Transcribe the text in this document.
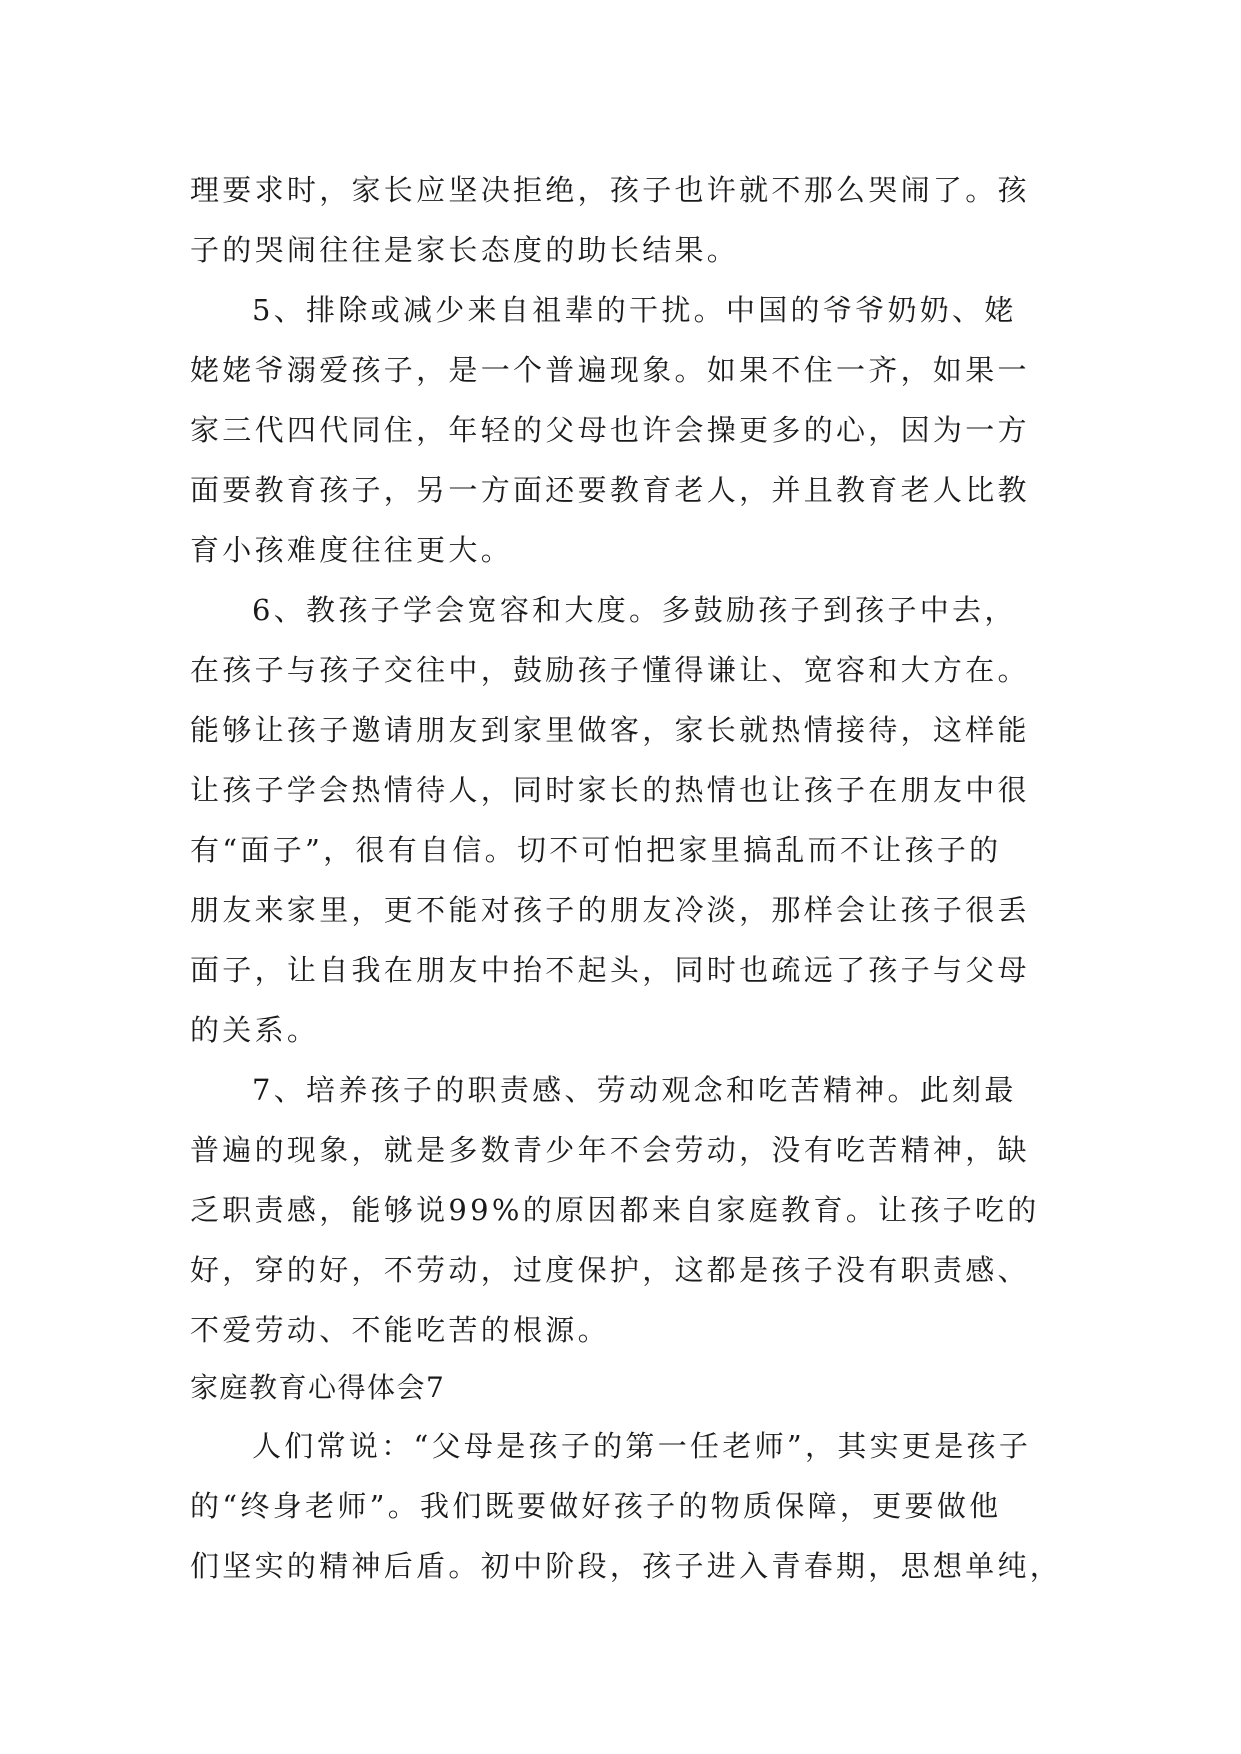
理要求时，家长应坚决拒绝，孩子也许就不那么哭闹了。孩
子的哭闹往往是家长态度的助长结果。
5、排除或减少来自祖辈的干扰。中国的爷爷奶奶、姥
姥姥爷溺爱孩子，是一个普遍现象。如果不住一齐，如果一
家三代四代同住，年轻的父母也许会操更多的心，因为一方
面要教育孩子，另一方面还要教育老人，并且教育老人比教
育小孩难度往往更大。
6、教孩子学会宽容和大度。多鼓励孩子到孩子中去，
在孩子与孩子交往中，鼓励孩子懂得谦让、宽容和大方在。
能够让孩子邀请朋友到家里做客，家长就热情接待，这样能
让孩子学会热情待人，同时家长的热情也让孩子在朋友中很
有“面子”，很有自信。切不可怕把家里搞乱而不让孩子的
朋友来家里，更不能对孩子的朋友冷淡，那样会让孩子很丢
面子，让自我在朋友中抬不起头，同时也疏远了孩子与父母
的关系。
7、培养孩子的职责感、劳动观念和吃苦精神。此刻最
普遍的现象，就是多数青少年不会劳动，没有吃苦精神，缺
乏职责感，能够说99%的原因都来自家庭教育。让孩子吃的
好，穿的好，不劳动，过度保护，这都是孩子没有职责感、
不爱劳动、不能吃苦的根源。
家庭教育心得体会7
人们常说：“父母是孩子的第一任老师”，其实更是孩子
的“终身老师”。我们既要做好孩子的物质保障，更要做他
们坚实的精神后盾。初中阶段，孩子进入青春期，思想单纯，
